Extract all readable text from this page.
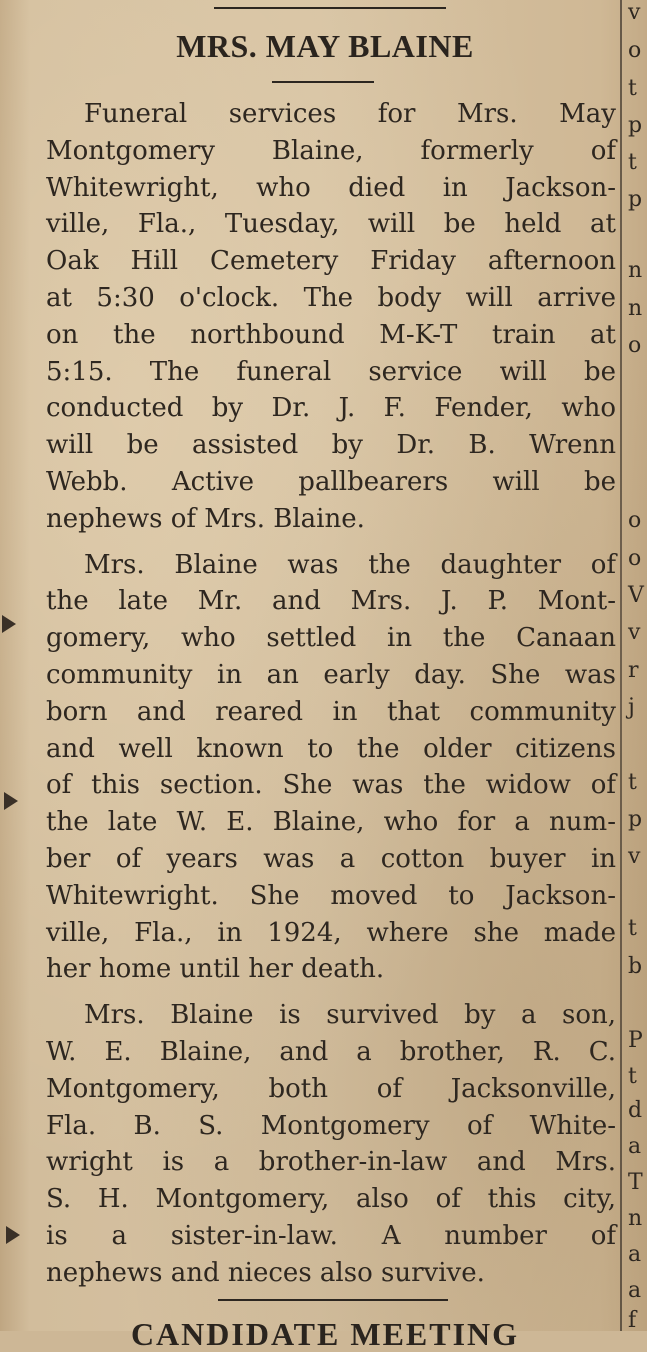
MRS. MAY BLAINE
Funeral services for Mrs. May
Montgomery Blaine, formerly of
Whitewright, who died in Jackson-
ville, Fla., Tuesday, will be held at
Oak Hill Cemetery Friday afternoon
at 5:30 o'clock. The body will arrive
on the northbound M-K-T train at
5:15. The funeral service will be
conducted by Dr. J. F. Fender, who
will be assisted by Dr. B. Wrenn
Webb. Active pallbearers will be
nephews of Mrs. Blaine.
Mrs. Blaine was the daughter of
the late Mr. and Mrs. J. P. Mont-
gomery, who settled in the Canaan
community in an early day. She was
born and reared in that community
and well known to the older citizens
of this section. She was the widow of
the late W. E. Blaine, who for a num-
ber of years was a cotton buyer in
Whitewright. She moved to Jackson-
ville, Fla., in 1924, where she made
her home until her death.
Mrs. Blaine is survived by a son,
W. E. Blaine, and a brother, R. C.
Montgomery, both of Jacksonville,
Fla. B. S. Montgomery of White-
wright is a brother-in-law and Mrs.
S. H. Montgomery, also of this city,
is a sister-in-law. A number of
nephews and nieces also survive.
CANDIDATE MEETING
v
o
t
p
t
p
n
n
o
o
o
V
v
r
j
t
p
v
t
b
P
t
d
a
T
n
a
a
f
